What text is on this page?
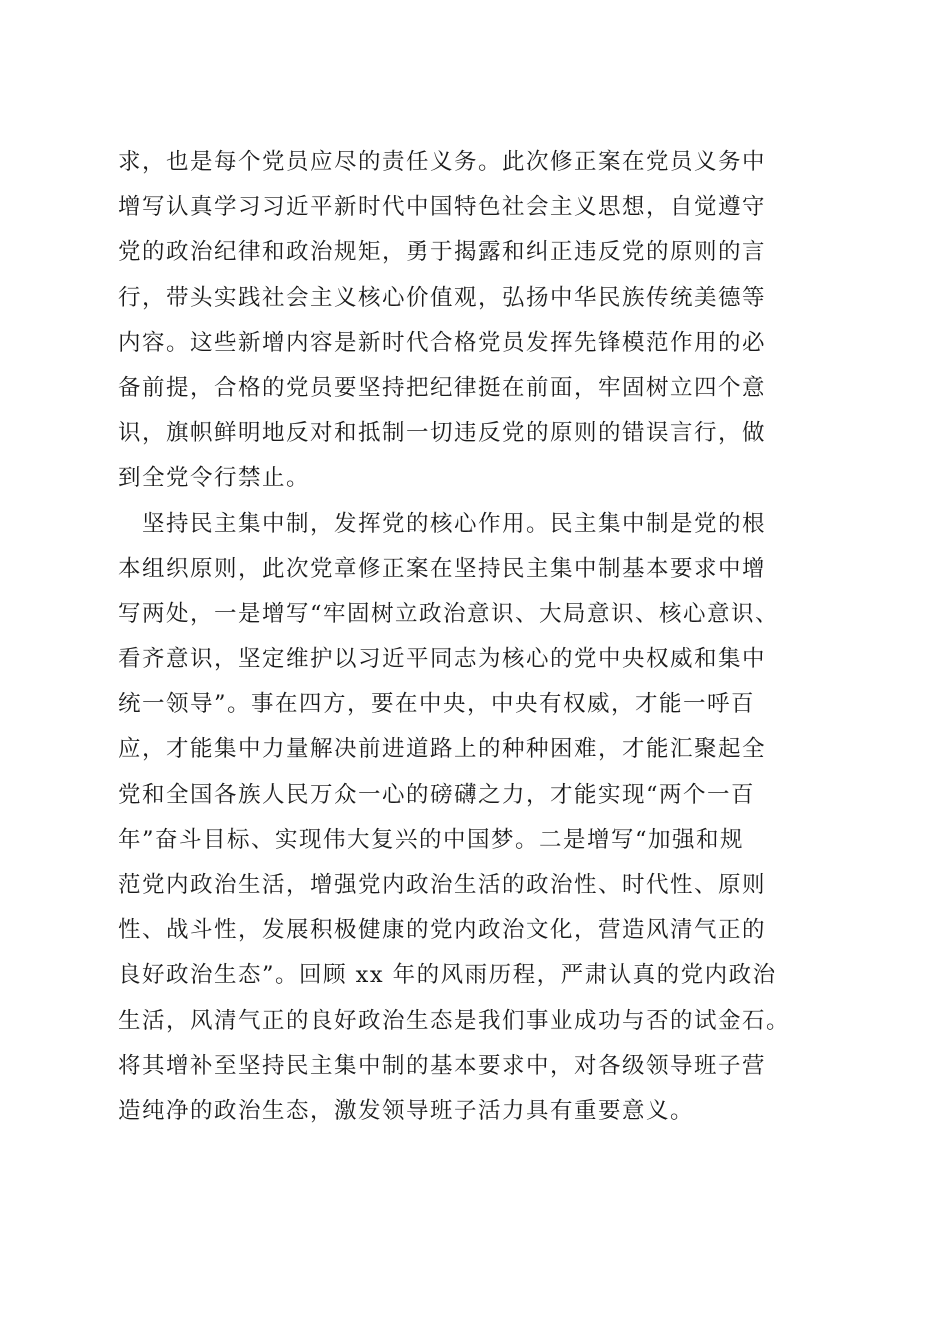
求，也是每个党员应尽的责任义务。此次修正案在党员义务中
增写认真学习习近平新时代中国特色社会主义思想，自觉遵守
党的政治纪律和政治规矩，勇于揭露和纠正违反党的原则的言
行，带头实践社会主义核心价值观，弘扬中华民族传统美德等
内容。这些新增内容是新时代合格党员发挥先锋模范作用的必
备前提，合格的党员要坚持把纪律挺在前面，牢固树立四个意
识，旗帜鲜明地反对和抵制一切违反党的原则的错误言行，做
到全党令行禁止。
　坚持民主集中制，发挥党的核心作用。民主集中制是党的根
本组织原则，此次党章修正案在坚持民主集中制基本要求中增
写两处，一是增写“牢固树立政治意识、大局意识、核心意识、
看齐意识，坚定维护以习近平同志为核心的党中央权威和集中
统一领导”。事在四方，要在中央，中央有权威，才能一呼百
应，才能集中力量解决前进道路上的种种困难，才能汇聚起全
党和全国各族人民万众一心的磅礴之力，才能实现“两个一百
年”奋斗目标、实现伟大复兴的中国梦。二是增写“加强和规
范党内政治生活，增强党内政治生活的政治性、时代性、原则
性、战斗性，发展积极健康的党内政治文化，营造风清气正的
良好政治生态”。回顾 xx 年的风雨历程，严肃认真的党内政治
生活，风清气正的良好政治生态是我们事业成功与否的试金石。
将其增补至坚持民主集中制的基本要求中，对各级领导班子营
造纯净的政治生态，激发领导班子活力具有重要意义。
